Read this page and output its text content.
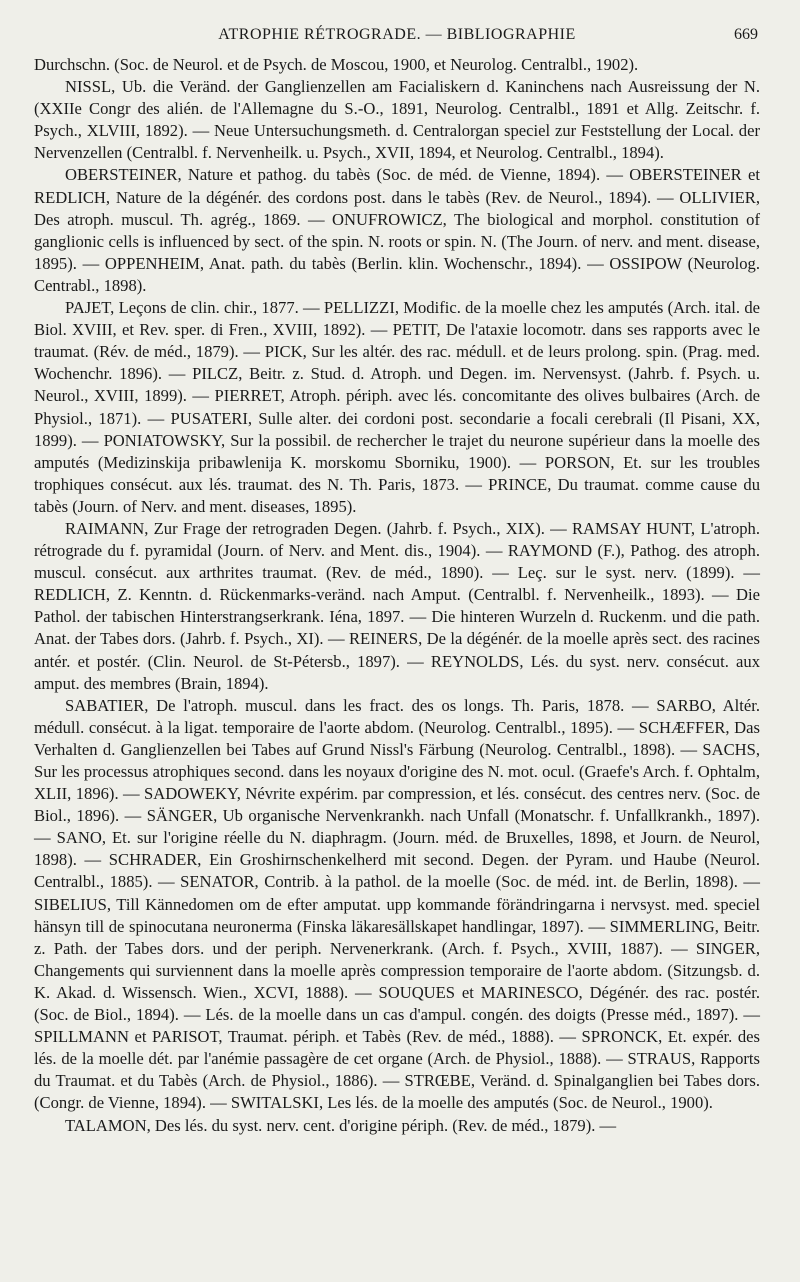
ATROPHIE RÉTROGRADE. — BIBLIOGRAPHIE	669

Durchschn. (Soc. de Neurol. et de Psych. de Moscou, 1900, et Neurolog. Centralbl., 1902).

NISSL, Ub. die Veränd. der Ganglienzellen am Facialiskern d. Kaninchens nach Ausreissung der N. (XXIIe Congr des alién. de l'Allemagne du S.-O., 1891, Neurolog. Centralbl., 1891 et Allg. Zeitschr. f. Psych., XLVIII, 1892). — Neue Untersuchungsmeth. d. Centralorgan speciel zur Feststellung der Local. der Nervenzellen (Centralbl. f. Nervenheilk. u. Psych., XVII, 1894, et Neurolog. Centralbl., 1894).

OBERSTEINER, Nature et pathog. du tabès (Soc. de méd. de Vienne, 1894). — OBERSTEINER et REDLICH, Nature de la dégénér. des cordons post. dans le tabès (Rev. de Neurol., 1894). — OLLIVIER, Des atroph. muscul. Th. agrég., 1869. — ONUFROWICZ, The biological and morphol. constitution of ganglionic cells is influenced by sect. of the spin. N. roots or spin. N. (The Journ. of nerv. and ment. disease, 1895). — OPPENHEIM, Anat. path. du tabès (Berlin. klin. Wochenschr., 1894). — OSSIPOW (Neurolog. Centrabl., 1898).

PAJET, Leçons de clin. chir., 1877. — PELLIZZI, Modific. de la moelle chez les amputés (Arch. ital. de Biol. XVIII, et Rev. sper. di Fren., XVIII, 1892). — PETIT, De l'ataxie locomotr. dans ses rapports avec le traumat. (Rév. de méd., 1879). — PICK, Sur les altér. des rac. médull. et de leurs prolong. spin. (Prag. med. Wochenchr. 1896). — PILCZ, Beitr. z. Stud. d. Atroph. und Degen. im. Nervensyst. (Jahrb. f. Psych. u. Neurol., XVIII, 1899). — PIERRET, Atroph. périph. avec lés. concomitante des olives bulbaires (Arch. de Physiol., 1871). — PUSATERI, Sulle alter. dei cordoni post. secondarie a focali cerebrali (Il Pisani, XX, 1899). — PONIATOWSKY, Sur la possibil. de rechercher le trajet du neurone supérieur dans la moelle des amputés (Medizinskija pribawlenija K. morskomu Sborniku, 1900). — PORSON, Et. sur les troubles trophiques consécut. aux lés. traumat. des N. Th. Paris, 1873. — PRINCE, Du traumat. comme cause du tabès (Journ. of Nerv. and ment. diseases, 1895).

RAIMANN, Zur Frage der retrograden Degen. (Jahrb. f. Psych., XIX). — RAMSAY HUNT, L'atroph. rétrograde du f. pyramidal (Journ. of Nerv. and Ment. dis., 1904). — RAYMOND (F.), Pathog. des atroph. muscul. consécut. aux arthrites traumat. (Rev. de méd., 1890). — Leç. sur le syst. nerv. (1899). — REDLICH, Z. Kenntn. d. Rückenmarks-veränd. nach Amput. (Centralbl. f. Nervenheilk., 1893). — Die Pathol. der tabischen Hinterstrangserkrank. Iéna, 1897. — Die hinteren Wurzeln d. Ruckenm. und die path. Anat. der Tabes dors. (Jahrb. f. Psych., XI). — REINERS, De la dégénér. de la moelle après sect. des racines antér. et postér. (Clin. Neurol. de St-Pétersb., 1897). — REYNOLDS, Lés. du syst. nerv. consécut. aux amput. des membres (Brain, 1894).

SABATIER, De l'atroph. muscul. dans les fract. des os longs. Th. Paris, 1878. — SARBO, Altér. médull. consécut. à la ligat. temporaire de l'aorte abdom. (Neurolog. Centralbl., 1895). — SCHÆFFER, Das Verhalten d. Ganglienzellen bei Tabes auf Grund Nissl's Färbung (Neurolog. Centralbl., 1898). — SACHS, Sur les processus atrophiques second. dans les noyaux d'origine des N. mot. ocul. (Graefe's Arch. f. Ophtalm, XLII, 1896). — SADOWEKY, Névrite expérim. par compression, et lés. consécut. des centres nerv. (Soc. de Biol., 1896). — SÄNGER, Ub organische Nervenkrankh. nach Unfall (Monatschr. f. Unfallkrankh., 1897). — SANO, Et. sur l'origine réelle du N. diaphragm. (Journ. méd. de Bruxelles, 1898, et Journ. de Neurol, 1898). — SCHRADER, Ein Groshirnschenkelherd mit second. Degen. der Pyram. und Haube (Neurol. Centralbl., 1885). — SENATOR, Contrib. à la pathol. de la moelle (Soc. de méd. int. de Berlin, 1898). — SIBELIUS, Till Kännedomen om de efter amputat. upp kommande förändringarna i nervsyst. med. speciel hänsyn till de spinocutana neuronerma (Finska läkaresällskapet handlingar, 1897). — SIMMERLING, Beitr. z. Path. der Tabes dors. und der periph. Nervenerkrank. (Arch. f. Psych., XVIII, 1887). — SINGER, Changements qui surviennent dans la moelle après compression temporaire de l'aorte abdom. (Sitzungsb. d. K. Akad. d. Wissensch. Wien., XCVI, 1888). — SOUQUES et MARINESCO, Dégénér. des rac. postér. (Soc. de Biol., 1894). — Lés. de la moelle dans un cas d'ampul. congén. des doigts (Presse méd., 1897). — SPILLMANN et PARISOT, Traumat. périph. et Tabès (Rev. de méd., 1888). — SPRONCK, Et. expér. des lés. de la moelle dét. par l'anémie passagère de cet organe (Arch. de Physiol., 1888). — STRAUS, Rapports du Traumat. et du Tabès (Arch. de Physiol., 1886). — STRŒBE, Veränd. d. Spinalganglien bei Tabes dors. (Congr. de Vienne, 1894). — SWITALSKI, Les lés. de la moelle des amputés (Soc. de Neurol., 1900).

TALAMON, Des lés. du syst. nerv. cent. d'origine périph. (Rev. de méd., 1879). —
